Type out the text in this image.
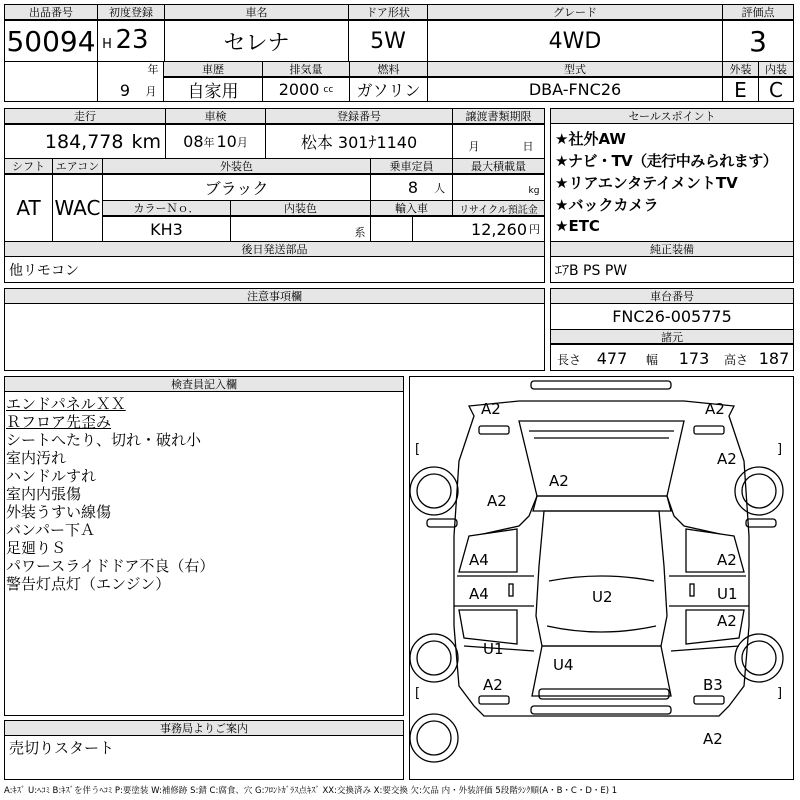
出品番号
50094
初度登録
H 23
年
9	月
車名
セレナ
ドア形状
5W
グレード
4WD
評価点
3
車歴
自家用
排気量
2000 cc
燃料
ガソリン
型式
DBA-FNC26
外装
E
内装
C
走行
184,778 km
車検
08 年 10 月
登録番号
松本 301ﾅ1140
譲渡書類期限
月	日
シフト
AT
エアコン
WAC
外装色
ブラック
乗車定員
8 人
最大積載量
kg
カラーＮｏ．
KH3
内装色
系
輸入車	リサイクル預託金
12,260 円
セールスポイント
★社外AW
★ナビ・TV（走行中みられます）
★リアエンタテイメントTV
★バックカメラ
★ETC
後日発送部品
他リモコン
純正装備
ｴｱB PS PW
注意事項欄	車台番号
FNC26-005775
諸元
長さ 477	幅 173	高さ 187
検査員記入欄
エンドパネルＸＸ
Ｒフロア先歪み
シートへたり、切れ・破れ小
室内汚れ
ハンドルすれ
室内内張傷
外装うすい線傷
バンパー下Ａ
足廻りＳ
パワースライドドア不良（右）
警告灯点灯（エンジン）
事務局よりご案内
売切りスタート
[	]
[	]
A2	A2
A2
A2
A2
A4	A2
A4	U1
U2
U1
A2
U4
A2	B3
A2
A:ｷｽﾞ U:ﾍｺﾐ B:ｷｽﾞを伴うﾍｺﾐ P:要塗装 W:補修跡 S:錆 C:腐食、穴 G:ﾌﾛﾝﾄｶﾞﾗｽ点ｷｽﾞ XX:交換済み X:要交換 欠:欠品 内・外装評価 5段階ﾗﾝｸ順(A・B・C・D・E) 1
